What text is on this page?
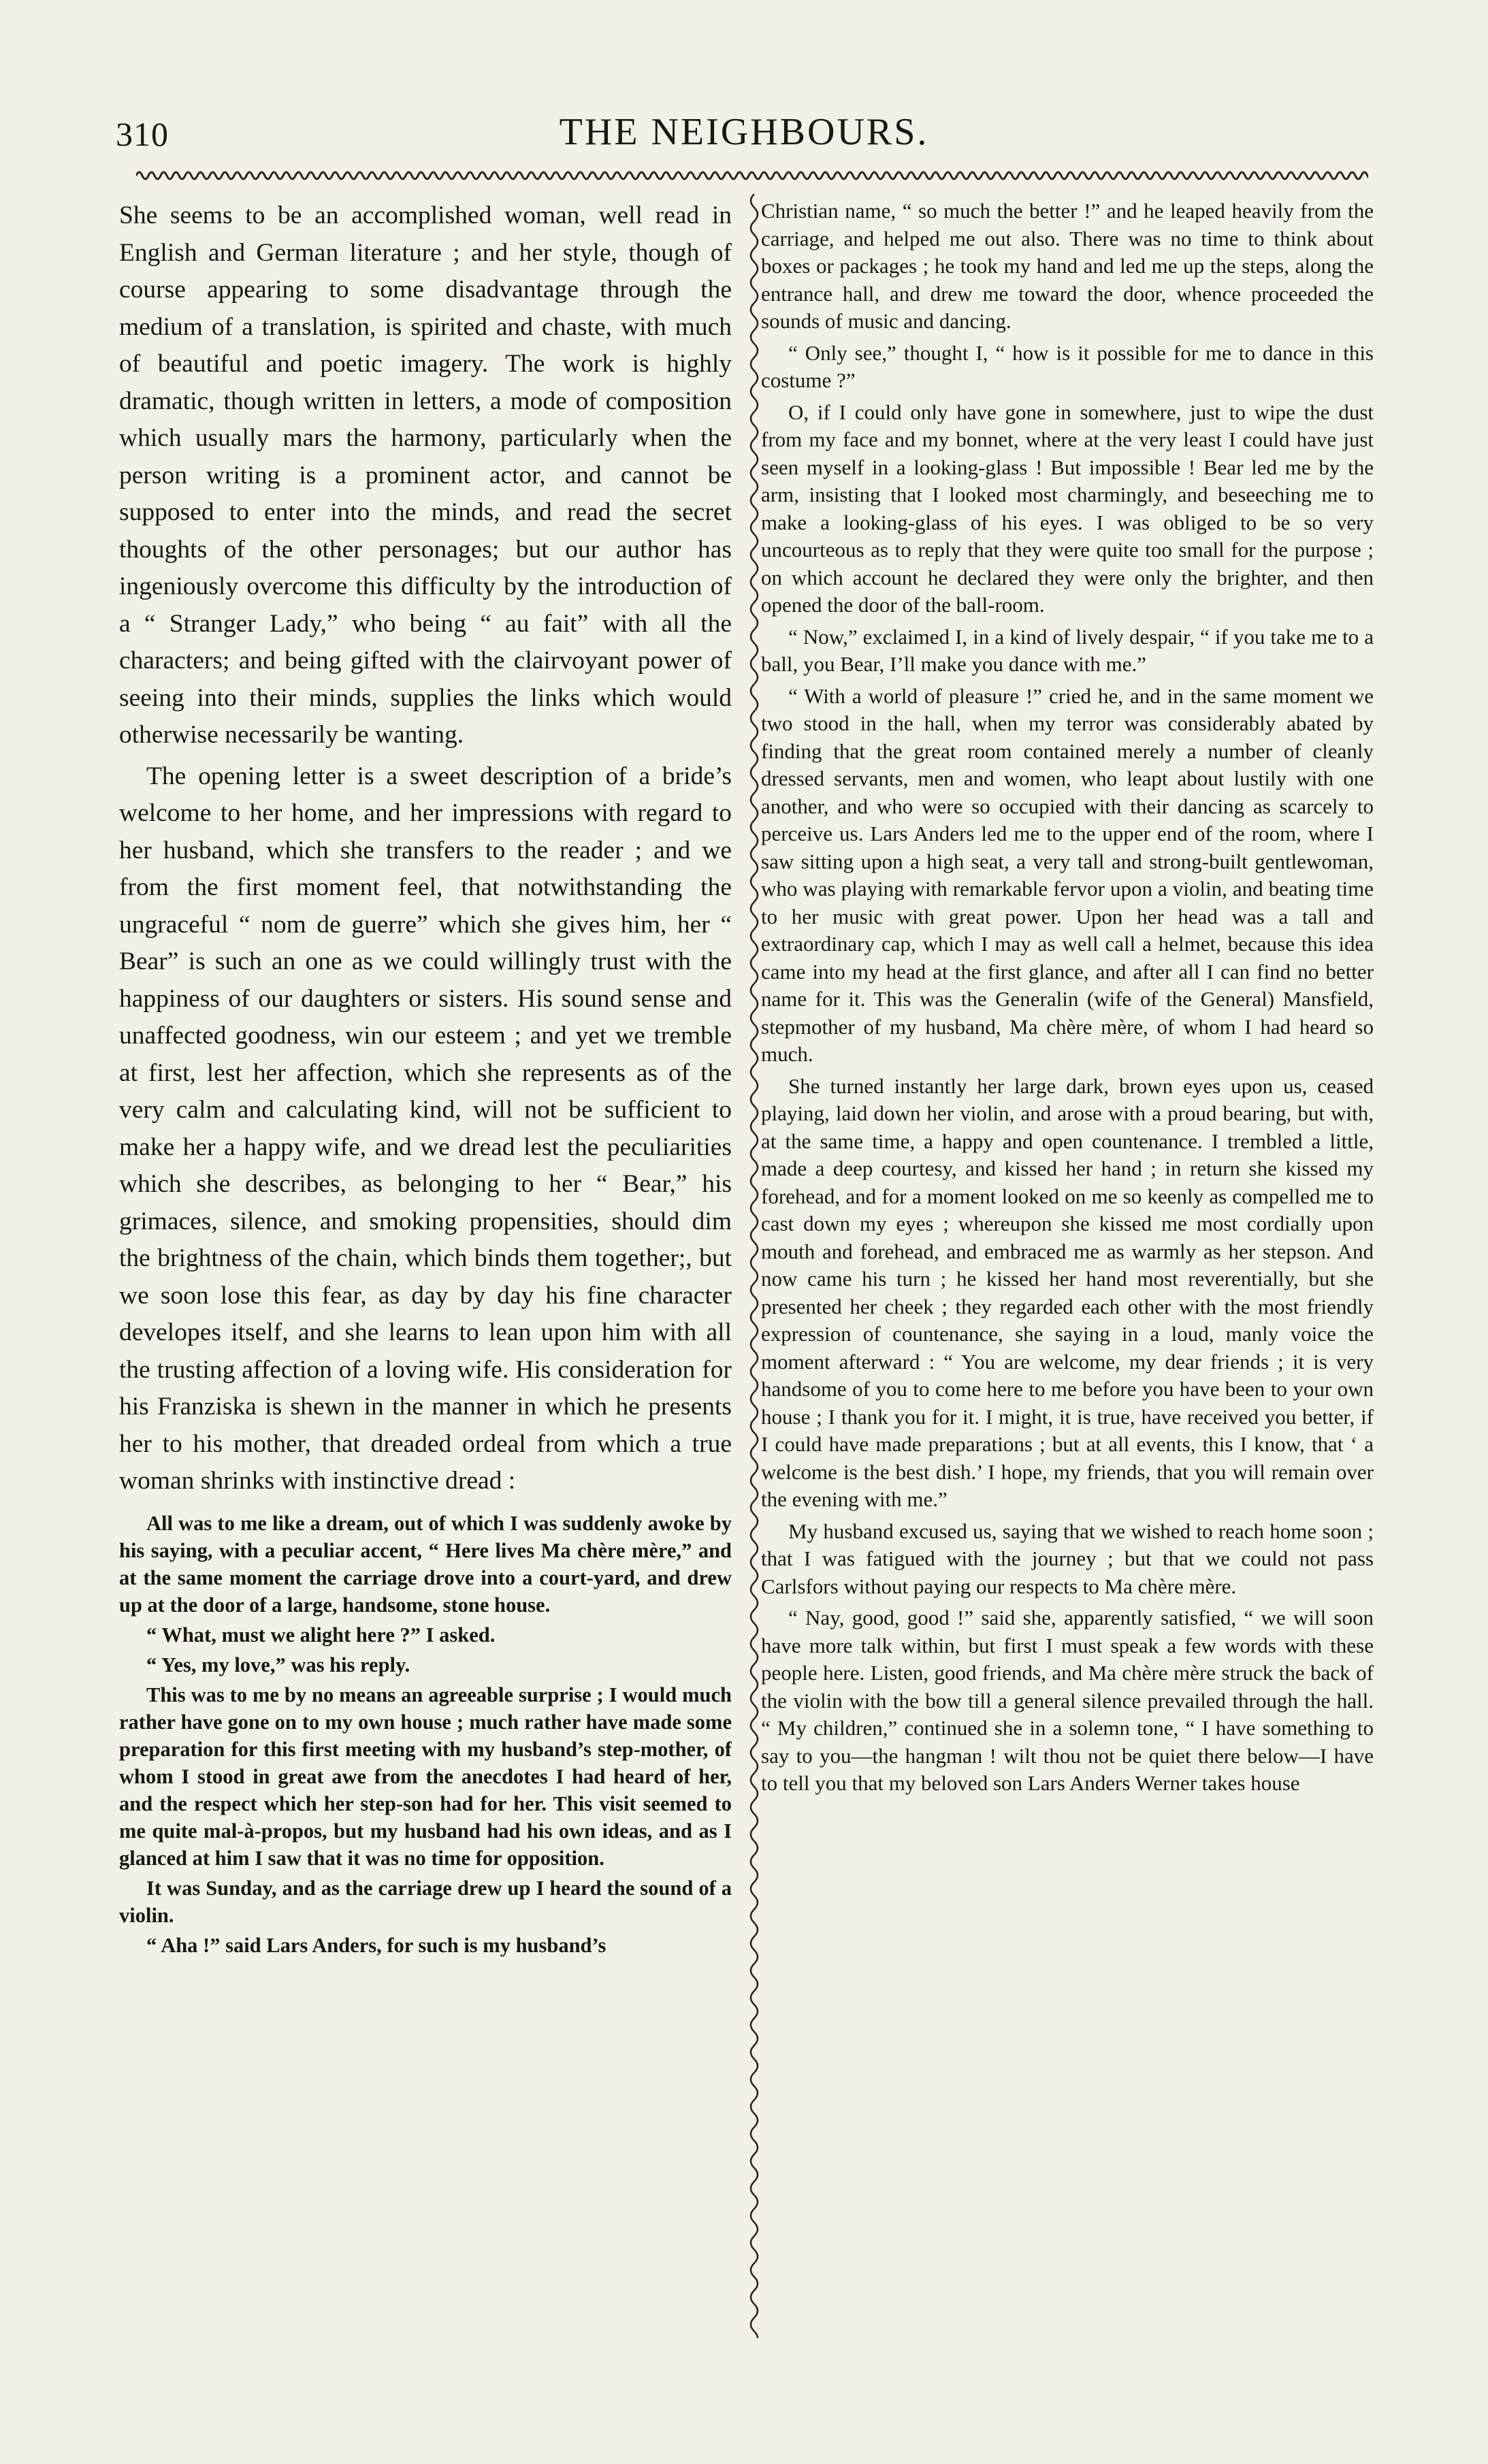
310	THE NEIGHBOURS.

She seems to be an accomplished woman, well read in English and German literature ; and her style, though of course appearing to some disadvantage through the medium of a translation, is spirited and chaste, with much of beautiful and poetic imagery. The work is highly dramatic, though written in letters, a mode of composition which usually mars the harmony, particularly when the person writing is a prominent actor, and cannot be supposed to enter into the minds, and read the secret thoughts of the other personages; but our author has ingeniously overcome this difficulty by the introduction of a “ Stranger Lady,” who being “ au fait” with all the characters; and being gifted with the clairvoyant power of seeing into their minds, supplies the links which would otherwise necessarily be wanting.

The opening letter is a sweet description of a bride’s welcome to her home, and her impressions with regard to her husband, which she transfers to the reader ; and we from the first moment feel, that notwithstanding the ungraceful “ nom de guerre” which she gives him, her “ Bear” is such an one as we could willingly trust with the happiness of our daughters or sisters. His sound sense and unaffected goodness, win our esteem ; and yet we tremble at first, lest her affection, which she represents as of the very calm and calculating kind, will not be sufficient to make her a happy wife, and we dread lest the peculiarities which she describes, as belonging to her “ Bear,” his grimaces, silence, and smoking propensities, should dim the brightness of the chain, which binds them together;, but we soon lose this fear, as day by day his fine character developes itself, and she learns to lean upon him with all the trusting affection of a loving wife. His consideration for his Franziska is shewn in the manner in which he presents her to his mother, that dreaded ordeal from which a true woman shrinks with instinctive dread :

All was to me like a dream, out of which I was suddenly awoke by his saying, with a peculiar accent, “ Here lives Ma chère mère,” and at the same moment the carriage drove into a court-yard, and drew up at the door of a large, handsome, stone house.

“ What, must we alight here ?” I asked.

“ Yes, my love,” was his reply.

This was to me by no means an agreeable surprise ; I would much rather have gone on to my own house ; much rather have made some preparation for this first meeting with my husband’s step-mother, of whom I stood in great awe from the anecdotes I had heard of her, and the respect which her step-son had for her. This visit seemed to me quite mal-à-propos, but my husband had his own ideas, and as I glanced at him I saw that it was no time for opposition.

It was Sunday, and as the carriage drew up I heard the sound of a violin.

“ Aha !” said Lars Anders, for such is my husband’s

Christian name, “ so much the better !” and he leaped heavily from the carriage, and helped me out also. There was no time to think about boxes or packages ; he took my hand and led me up the steps, along the entrance hall, and drew me toward the door, whence proceeded the sounds of music and dancing.

“ Only see,” thought I, “ how is it possible for me to dance in this costume ?”

O, if I could only have gone in somewhere, just to wipe the dust from my face and my bonnet, where at the very least I could have just seen myself in a looking-glass ! But impossible ! Bear led me by the arm, insisting that I looked most charmingly, and beseeching me to make a looking-glass of his eyes. I was obliged to be so very uncourteous as to reply that they were quite too small for the purpose ; on which account he declared they were only the brighter, and then opened the door of the ball-room.

“ Now,” exclaimed I, in a kind of lively despair, “ if you take me to a ball, you Bear, I’ll make you dance with me.”

“ With a world of pleasure !” cried he, and in the same moment we two stood in the hall, when my terror was considerably abated by finding that the great room contained merely a number of cleanly dressed servants, men and women, who leapt about lustily with one another, and who were so occupied with their dancing as scarcely to perceive us. Lars Anders led me to the upper end of the room, where I saw sitting upon a high seat, a very tall and strong-built gentlewoman, who was playing with remarkable fervor upon a violin, and beating time to her music with great power. Upon her head was a tall and extraordinary cap, which I may as well call a helmet, because this idea came into my head at the first glance, and after all I can find no better name for it. This was the Generalin (wife of the General) Mansfield, stepmother of my husband, Ma chère mère, of whom I had heard so much.

She turned instantly her large dark, brown eyes upon us, ceased playing, laid down her violin, and arose with a proud bearing, but with, at the same time, a happy and open countenance. I trembled a little, made a deep courtesy, and kissed her hand ; in return she kissed my forehead, and for a moment looked on me so keenly as compelled me to cast down my eyes ; whereupon she kissed me most cordially upon mouth and forehead, and embraced me as warmly as her stepson. And now came his turn ; he kissed her hand most reverentially, but she presented her cheek ; they regarded each other with the most friendly expression of countenance, she saying in a loud, manly voice the moment afterward : “ You are welcome, my dear friends ; it is very handsome of you to come here to me before you have been to your own house ; I thank you for it. I might, it is true, have received you better, if I could have made preparations ; but at all events, this I know, that ‘ a welcome is the best dish.’ I hope, my friends, that you will remain over the evening with me.”

My husband excused us, saying that we wished to reach home soon ; that I was fatigued with the journey ; but that we could not pass Carlsfors without paying our respects to Ma chère mère.

“ Nay, good, good !” said she, apparently satisfied, “ we will soon have more talk within, but first I must speak a few words with these people here. Listen, good friends, and Ma chère mère struck the back of the violin with the bow till a general silence prevailed through the hall. “ My children,” continued she in a solemn tone, “ I have something to say to you—the hangman ! wilt thou not be quiet there below—I have to tell you that my beloved son Lars Anders Werner takes house
